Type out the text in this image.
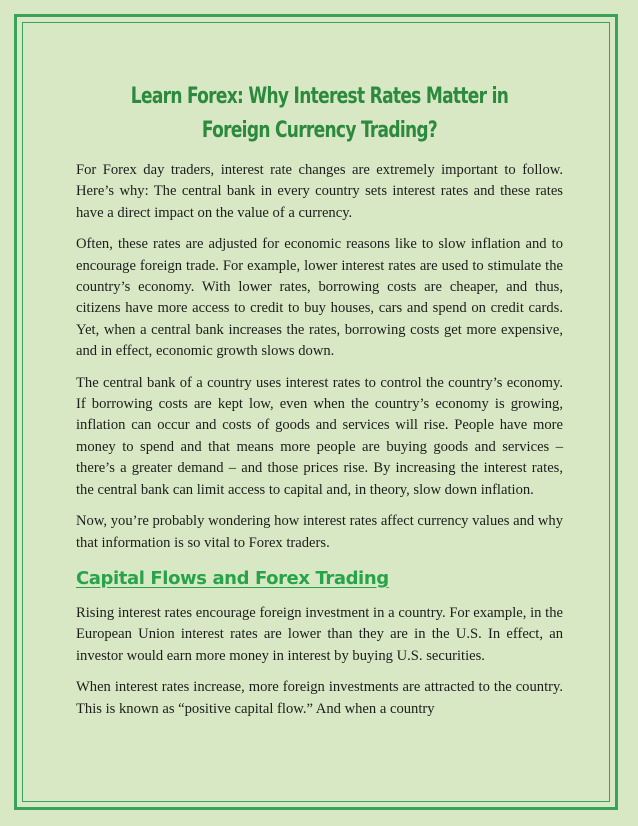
Learn Forex: Why Interest Rates Matter in
Foreign Currency Trading?

For Forex day traders, interest rate changes are extremely important to follow. Here’s why: The central bank in every country sets interest rates and these rates have a direct impact on the value of a currency.

Often, these rates are adjusted for economic reasons like to slow inflation and to encourage foreign trade. For example, lower interest rates are used to stimulate the country’s economy. With lower rates, borrowing costs are cheaper, and thus, citizens have more access to credit to buy houses, cars and spend on credit cards. Yet, when a central bank increases the rates, borrowing costs get more expensive, and in effect, economic growth slows down.

The central bank of a country uses interest rates to control the country’s economy. If borrowing costs are kept low, even when the country’s economy is growing, inflation can occur and costs of goods and services will rise. People have more money to spend and that means more people are buying goods and services – there’s a greater demand – and those prices rise. By increasing the interest rates, the central bank can limit access to capital and, in theory, slow down inflation.

Now, you’re probably wondering how interest rates affect currency values and why that information is so vital to Forex traders.

Capital Flows and Forex Trading

Rising interest rates encourage foreign investment in a country. For example, in the European Union interest rates are lower than they are in the U.S. In effect, an investor would earn more money in interest by buying U.S. securities.

When interest rates increase, more foreign investments are attracted to the country. This is known as “positive capital flow.” And when a country
